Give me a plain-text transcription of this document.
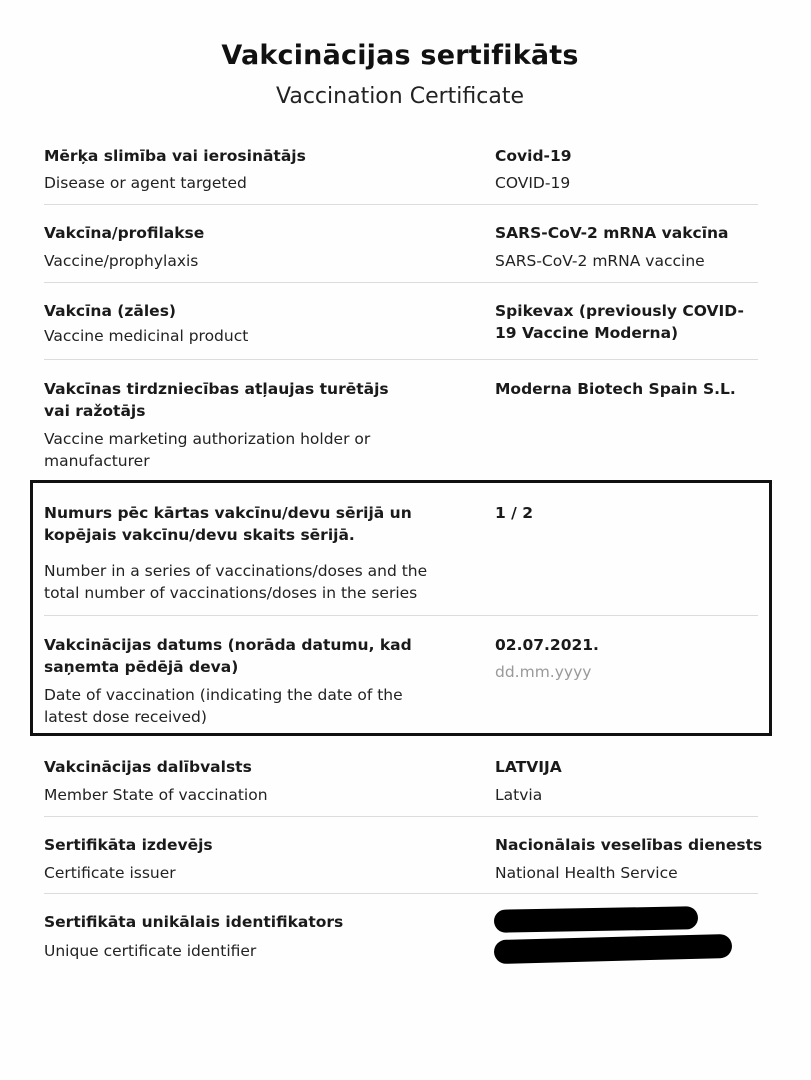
Vakcinācijas sertifikāts
Vaccination Certificate
Mērķa slimība vai ierosinātājs
Disease or agent targeted
Covid-19
COVID-19
Vakcīna/profilakse
Vaccine/prophylaxis
SARS-CoV-2 mRNA vakcīna
SARS-CoV-2 mRNA vaccine
Vakcīna (zāles)
Vaccine medicinal product
Spikevax (previously COVID-19 Vaccine Moderna)
Vakcīnas tirdzniecības atļaujas turētājs vai ražotājs
Vaccine marketing authorization holder or manufacturer
Moderna Biotech Spain S.L.
Numurs pēc kārtas vakcīnu/devu sērijā un kopējais vakcīnu/devu skaits sērijā.
Number in a series of vaccinations/doses and the total number of vaccinations/doses in the series
1 / 2
Vakcinācijas datums (norāda datumu, kad saņemta pēdējā deva)
Date of vaccination (indicating the date of the latest dose received)
02.07.2021.
dd.mm.yyyy
Vakcinācijas dalībvalsts
Member State of vaccination
LATVIJA
Latvia
Sertifikāta izdevējs
Certificate issuer
Nacionālais veselības dienests
National Health Service
Sertifikāta unikālais identifikators
Unique certificate identifier
